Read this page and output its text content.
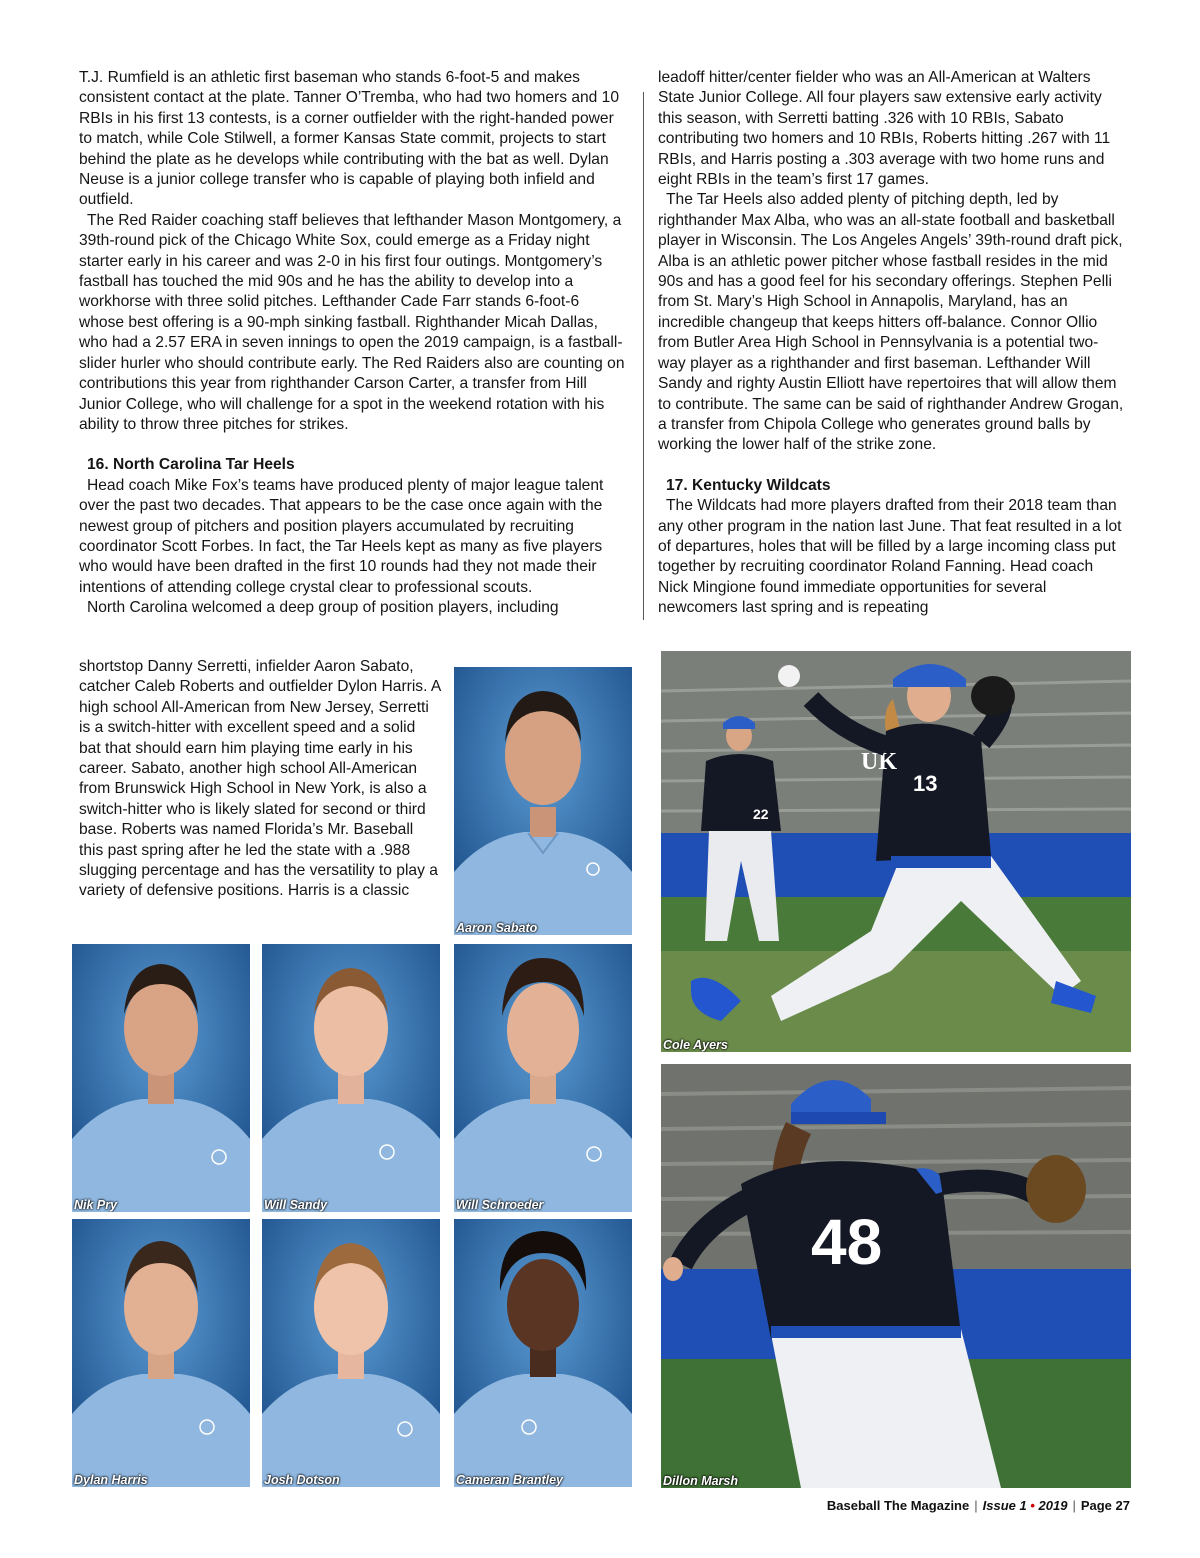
T.J. Rumfield is an athletic first baseman who stands 6-foot-5 and makes consistent contact at the plate. Tanner O’Tremba, who had two homers and 10 RBIs in his first 13 contests, is a corner outfielder with the right-handed power to match, while Cole Stilwell, a former Kansas State commit, projects to start behind the plate as he develops while contributing with the bat as well. Dylan Neuse is a junior college transfer who is capable of playing both infield and outfield.

The Red Raider coaching staff believes that lefthander Mason Montgomery, a 39th-round pick of the Chicago White Sox, could emerge as a Friday night starter early in his career and was 2-0 in his first four outings. Montgomery’s fastball has touched the mid 90s and he has the ability to develop into a workhorse with three solid pitches. Lefthander Cade Farr stands 6-foot-6 whose best offering is a 90-mph sinking fastball. Righthander Micah Dallas, who had a 2.57 ERA in seven innings to open the 2019 campaign, is a fastball-slider hurler who should contribute early. The Red Raiders also are counting on contributions this year from righthander Carson Carter, a transfer from Hill Junior College, who will challenge for a spot in the weekend rotation with his ability to throw three pitches for strikes.

16. North Carolina Tar Heels

Head coach Mike Fox’s teams have produced plenty of major league talent over the past two decades. That appears to be the case once again with the newest group of pitchers and position players accumulated by recruiting coordinator Scott Forbes. In fact, the Tar Heels kept as many as five players who would have been drafted in the first 10 rounds had they not made their intentions of attending college crystal clear to professional scouts.

North Carolina welcomed a deep group of position players, including

shortstop Danny Serretti, infielder Aaron Sabato, catcher Caleb Roberts and outfielder Dylon Harris. A high school All-American from New Jersey, Serretti is a switch-hitter with excellent speed and a solid bat that should earn him playing time early in his career. Sabato, another high school All-American from Brunswick High School in New York, is also a switch-hitter who is likely slated for second or third base. Roberts was named Florida’s Mr. Baseball this past spring after he led the state with a .988 slugging percentage and has the versatility to play a variety of defensive positions. Harris is a classic

leadoff hitter/center fielder who was an All-American at Walters State Junior College. All four players saw extensive early activity this season, with Serretti batting .326 with 10 RBIs, Sabato contributing two homers and 10 RBIs, Roberts hitting .267 with 11 RBIs, and Harris posting a .303 average with two home runs and eight RBIs in the team’s first 17 games.

The Tar Heels also added plenty of pitching depth, led by righthander Max Alba, who was an all-state football and basketball player in Wisconsin. The Los Angeles Angels’ 39th-round draft pick, Alba is an athletic power pitcher whose fastball resides in the mid 90s and has a good feel for his secondary offerings. Stephen Pelli from St. Mary’s High School in Annapolis, Maryland, has an incredible changeup that keeps hitters off-balance. Connor Ollio from Butler Area High School in Pennsylvania is a potential two-way player as a righthander and first baseman. Lefthander Will Sandy and righty Austin Elliott have repertoires that will allow them to contribute. The same can be said of righthander Andrew Grogan, a transfer from Chipola College who generates ground balls by working the lower half of the strike zone.

17. Kentucky Wildcats

The Wildcats had more players drafted from their 2018 team than any other program in the nation last June. That feat resulted in a lot of departures, holes that will be filled by a large incoming class put together by recruiting coordinator Roland Fanning. Head coach Nick Mingione found immediate opportunities for several newcomers last spring and is repeating

Aaron Sabato
Nik Pry	Will Sandy	Will Schroeder
Dylan Harris	Josh Dotson	Cameran Brantley
22
13
UK
Cole Ayers
48
Dillon Marsh
Baseball The Magazine | Issue 1 • 2019 | Page 27
